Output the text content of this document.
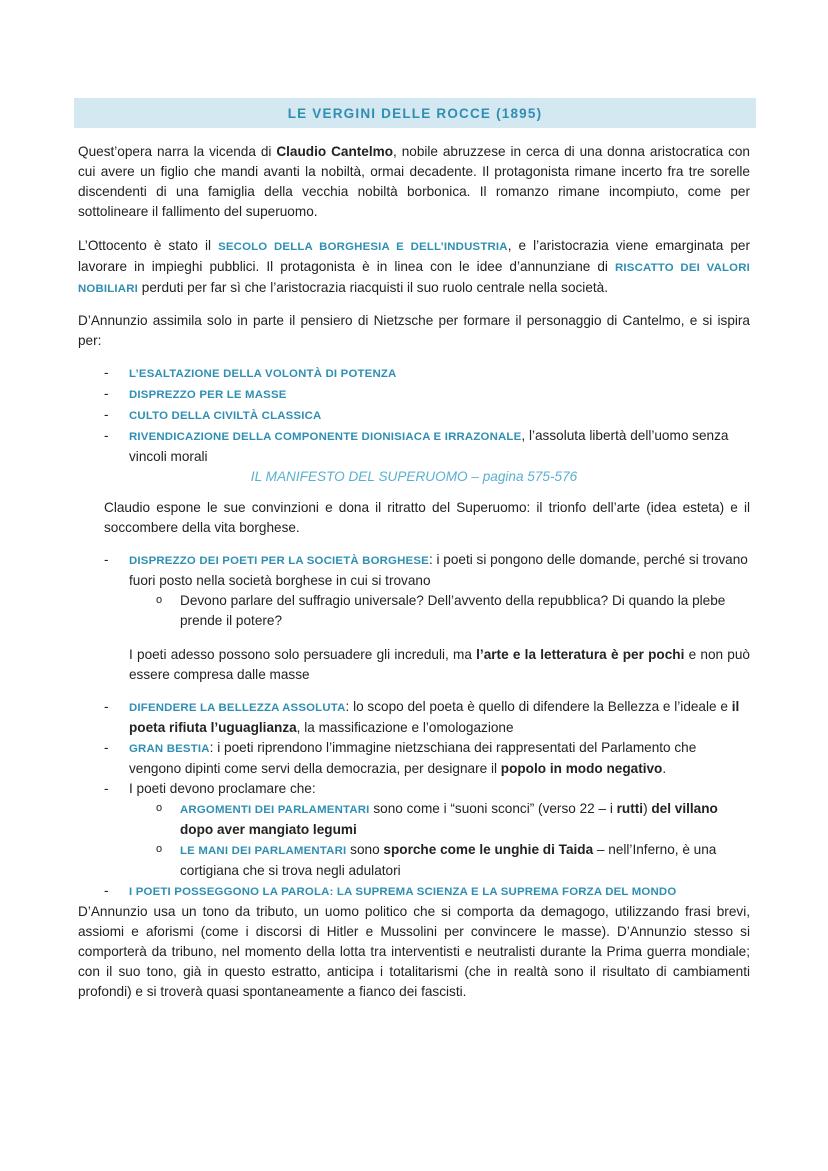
LE VERGINI DELLE ROCCE (1895)

Quest’opera narra la vicenda di Claudio Cantelmo, nobile abruzzese in cerca di una donna aristocratica con cui avere un figlio che mandi avanti la nobiltà, ormai decadente. Il protagonista rimane incerto fra tre sorelle discendenti di una famiglia della vecchia nobiltà borbonica. Il romanzo rimane incompiuto, come per sottolineare il fallimento del superuomo.

L’Ottocento è stato il SECOLO DELLA BORGHESIA E DELL’INDUSTRIA, e l’aristocrazia viene emarginata per lavorare in impieghi pubblici. Il protagonista è in linea con le idee d’annunziane di RISCATTO DEI VALORI NOBILIARI perduti per far sì che l’aristocrazia riacquisti il suo ruolo centrale nella società.

D’Annunzio assimila solo in parte il pensiero di Nietzsche per formare il personaggio di Cantelmo, e si ispira per:

- L’ESALTAZIONE DELLA VOLONTÀ DI POTENZA
- DISPREZZO PER LE MASSE
- CULTO DELLA CIVILTÀ CLASSICA
- RIVENDICAZIONE DELLA COMPONENTE DIONISIACA E IRRAZONALE, l’assoluta libertà dell’uomo senza vincoli morali

IL MANIFESTO DEL SUPERUOMO – pagina 575-576

Claudio espone le sue convinzioni e dona il ritratto del Superuomo: il trionfo dell’arte (idea esteta) e il soccombere della vita borghese.

- DISPREZZO DEI POETI PER LA SOCIETÀ BORGHESE: i poeti si pongono delle domande, perché si trovano fuori posto nella società borghese in cui si trovano
o Devono parlare del suffragio universale? Dell’avvento della repubblica? Di quando la plebe prende il potere?

I poeti adesso possono solo persuadere gli increduli, ma l’arte e la letteratura è per pochi e non può essere compresa dalle masse

- DIFENDERE LA BELLEZZA ASSOLUTA: lo scopo del poeta è quello di difendere la Bellezza e l’ideale e il poeta rifiuta l’uguaglianza, la massificazione e l’omologazione
- GRAN BESTIA: i poeti riprendono l’immagine nietzschiana dei rappresentati del Parlamento che vengono dipinti come servi della democrazia, per designare il popolo in modo negativo.
- I poeti devono proclamare che:
o ARGOMENTI DEI PARLAMENTARI sono come i “suoni sconci” (verso 22 – i rutti) del villano dopo aver mangiato legumi
o LE MANI DEI PARLAMENTARI sono sporche come le unghie di Taida – nell’Inferno, è una cortigiana che si trova negli adulatori
- I POETI POSSEGGONO LA PAROLA: LA SUPREMA SCIENZA E LA SUPREMA FORZA DEL MONDO

D’Annunzio usa un tono da tributo, un uomo politico che si comporta da demagogo, utilizzando frasi brevi, assiomi e aforismi (come i discorsi di Hitler e Mussolini per convincere le masse). D’Annunzio stesso si comporterà da tribuno, nel momento della lotta tra interventisti e neutralisti durante la Prima guerra mondiale; con il suo tono, già in questo estratto, anticipa i totalitarismi (che in realtà sono il risultato di cambiamenti profondi) e si troverà quasi spontaneamente a fianco dei fascisti.
